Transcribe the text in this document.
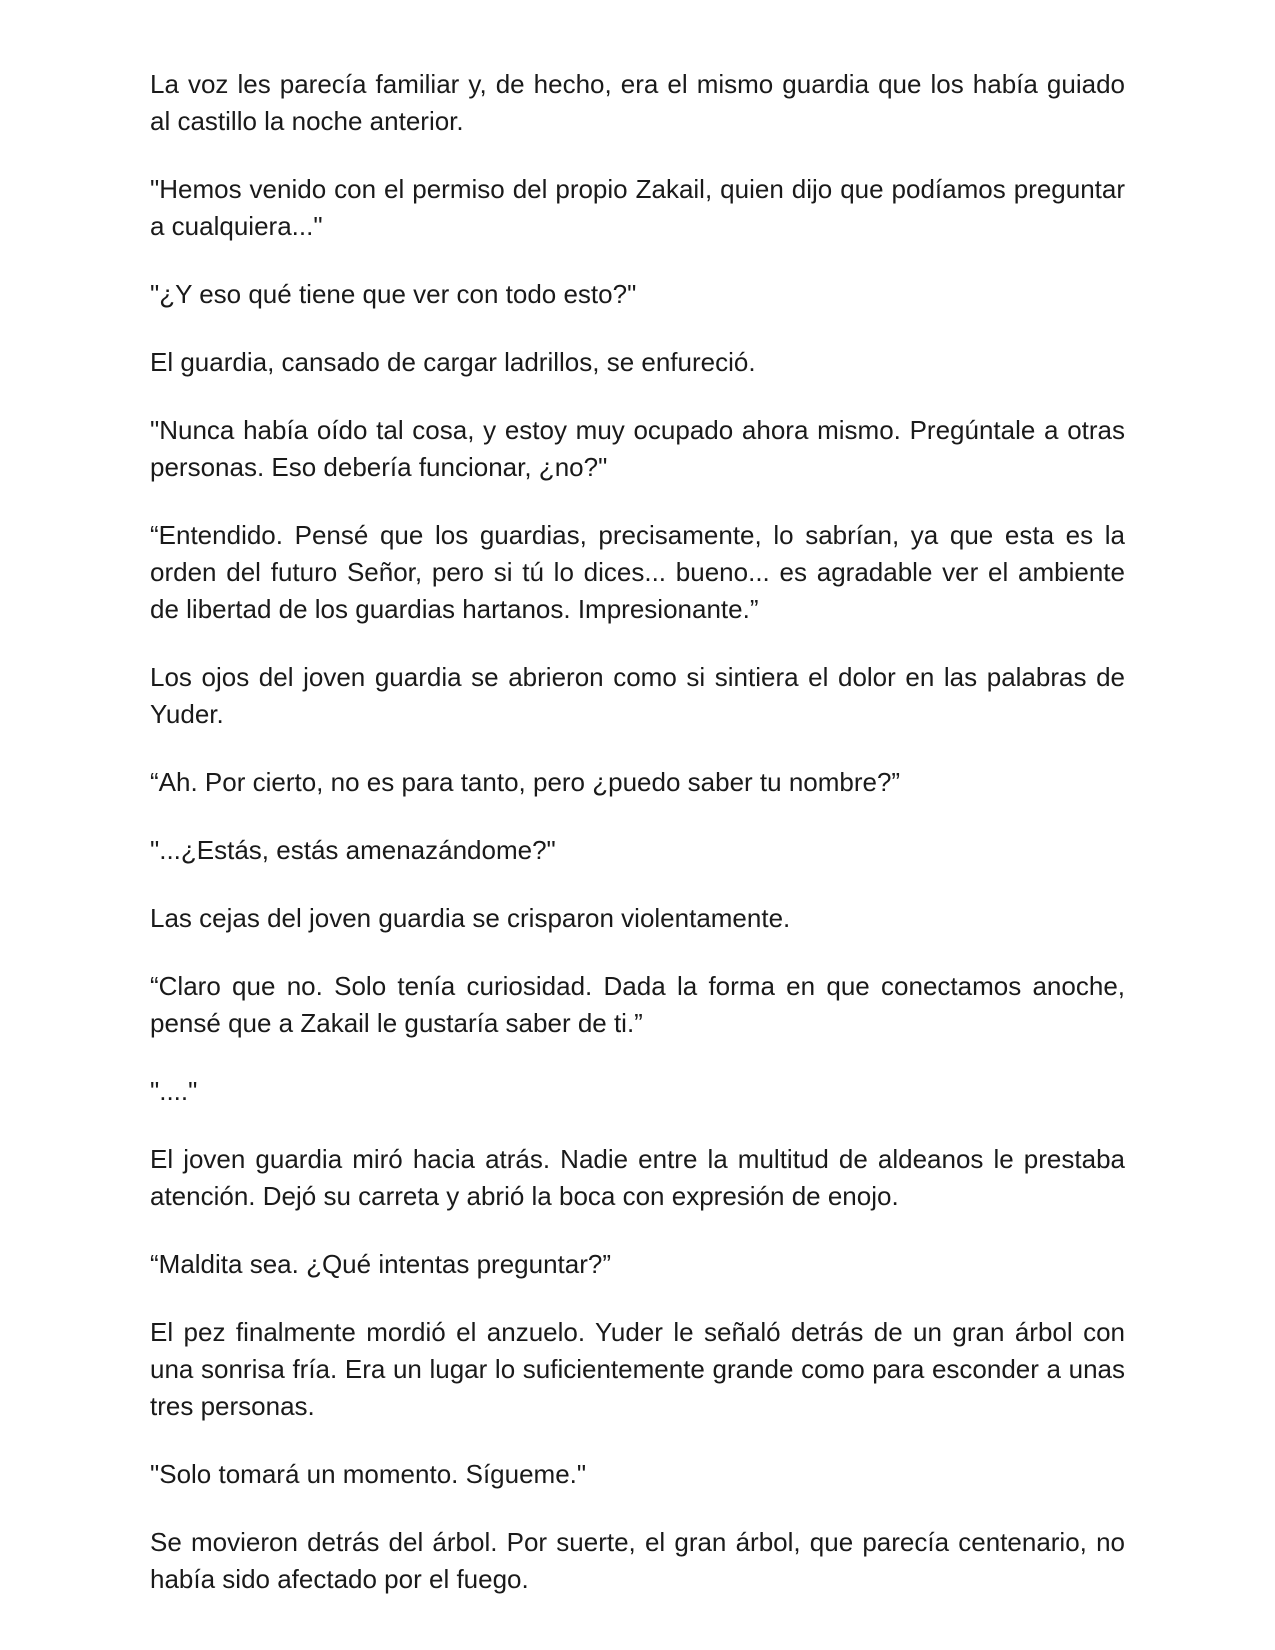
La voz les parecía familiar y, de hecho, era el mismo guardia que los había guiado al castillo la noche anterior.

"Hemos venido con el permiso del propio Zakail, quien dijo que podíamos preguntar a cualquiera..."

"¿Y eso qué tiene que ver con todo esto?"

El guardia, cansado de cargar ladrillos, se enfureció.

"Nunca había oído tal cosa, y estoy muy ocupado ahora mismo. Pregúntale a otras personas. Eso debería funcionar, ¿no?"

“Entendido. Pensé que los guardias, precisamente, lo sabrían, ya que esta es la orden del futuro Señor, pero si tú lo dices... bueno... es agradable ver el ambiente de libertad de los guardias hartanos. Impresionante.”

Los ojos del joven guardia se abrieron como si sintiera el dolor en las palabras de Yuder.

“Ah. Por cierto, no es para tanto, pero ¿puedo saber tu nombre?”

"...¿Estás, estás amenazándome?"

Las cejas del joven guardia se crisparon violentamente.

“Claro que no. Solo tenía curiosidad. Dada la forma en que conectamos anoche, pensé que a Zakail le gustaría saber de ti.”

"...."

El joven guardia miró hacia atrás. Nadie entre la multitud de aldeanos le prestaba atención. Dejó su carreta y abrió la boca con expresión de enojo.

“Maldita sea. ¿Qué intentas preguntar?”

El pez finalmente mordió el anzuelo. Yuder le señaló detrás de un gran árbol con una sonrisa fría. Era un lugar lo suficientemente grande como para esconder a unas tres personas.

"Solo tomará un momento. Sígueme."

Se movieron detrás del árbol. Por suerte, el gran árbol, que parecía centenario, no había sido afectado por el fuego.
